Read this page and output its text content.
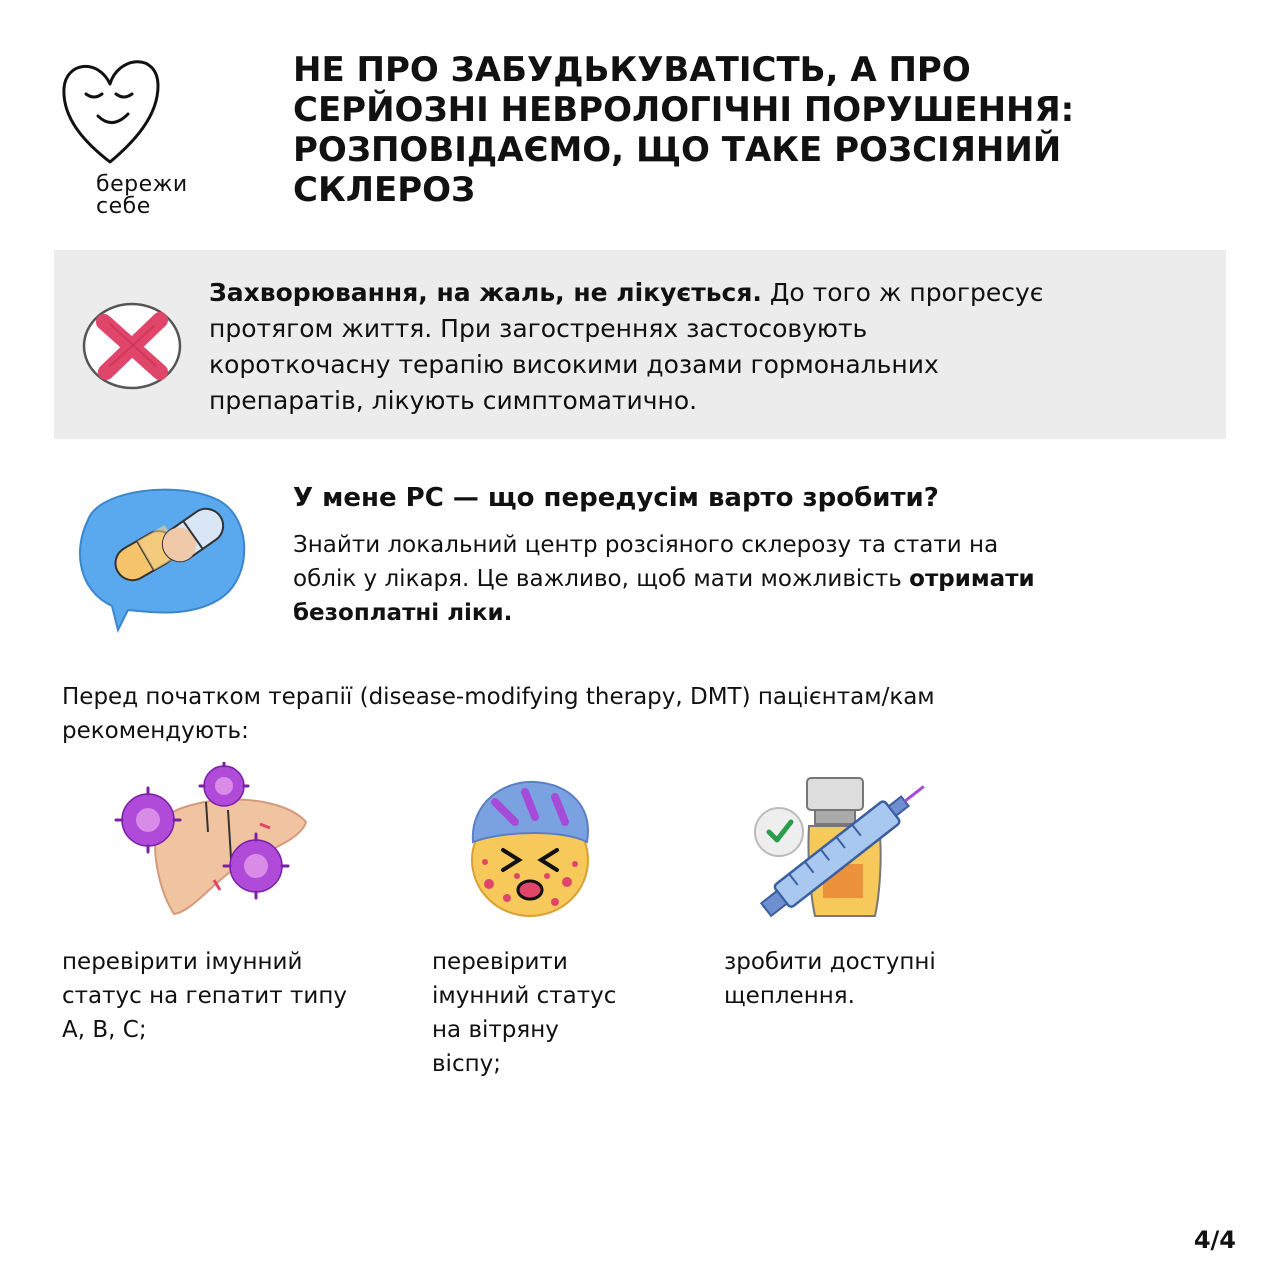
бережи
себе
НЕ ПРО ЗАБУДЬКУВАТІСТЬ, А ПРО
СЕРЙОЗНІ НЕВРОЛОГІЧНІ ПОРУШЕННЯ:
РОЗПОВІДАЄМО, ЩО ТАКЕ РОЗСІЯНИЙ
СКЛЕРОЗ
Захворювання, на жаль, не лікується. До того ж прогресує
протягом життя. При загостреннях застосовують
короткочасну терапію високими дозами гормональних
препаратів, лікують симптоматично.
У мене РС — що передусім варто зробити?
Знайти локальний центр розсіяного склерозу та стати на
облік у лікаря. Це важливо, щоб мати можливість отримати
безоплатні ліки.
Перед початком терапії (disease-modifying therapy, DMT) пацієнтам/кам
рекомендують:
перевірити імунний
статус на гепатит типу
A, B, C;
перевірити
імунний статус
на вітряну
віспу;
зробити доступні
щеплення.
4/4
